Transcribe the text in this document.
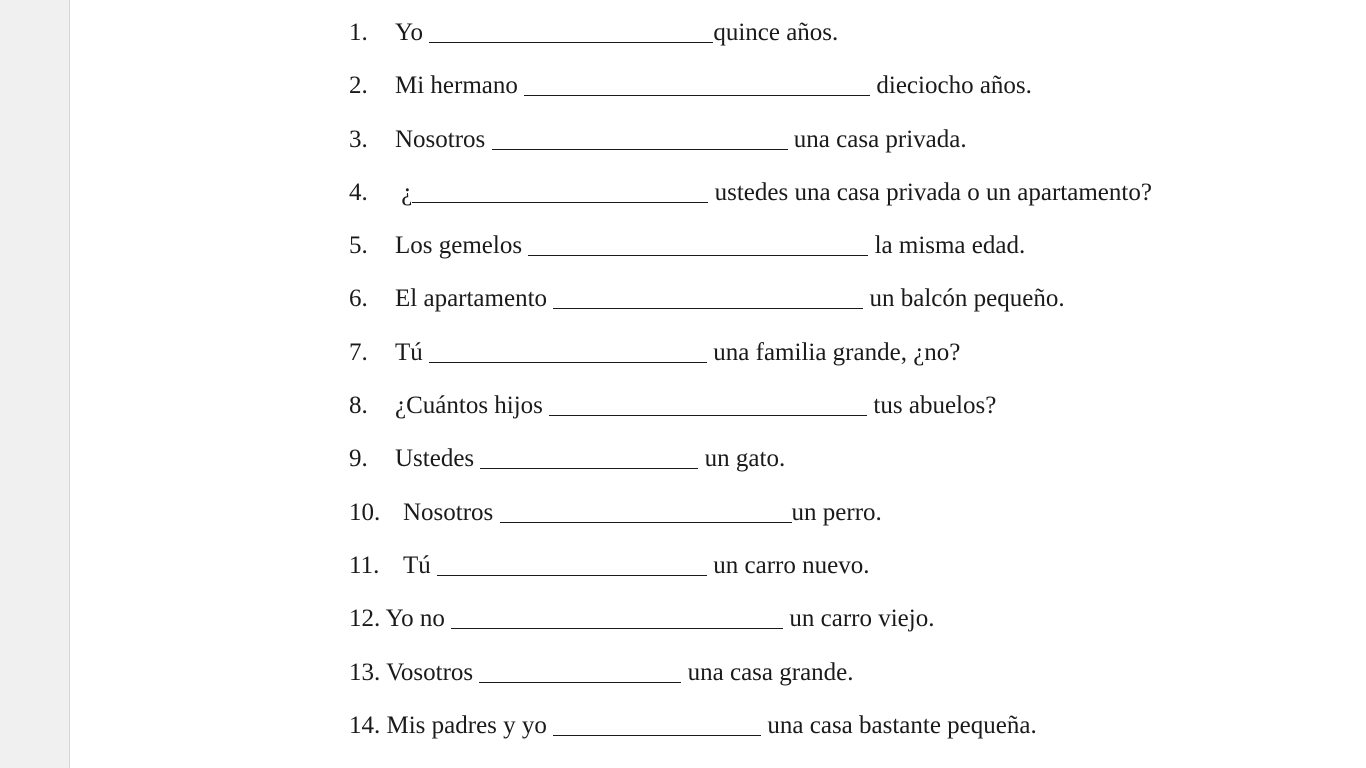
1. Yo	quince años.
2. Mi hermano	dieciocho años.
3. Nosotros	una casa privada.
4. ¿	ustedes una casa privada o un apartamento?
5. Los gemelos	la misma edad.
6. El apartamento	un balcón pequeño.
7. Tú	una familia grande, ¿no?
8. ¿Cuántos hijos	tus abuelos?
9. Ustedes	un gato.
10. Nosotros	un perro.
11. Tú	un carro nuevo.
12. Yo no	un carro viejo.
13. Vosotros	una casa grande.
14. Mis padres y yo	una casa bastante pequeña.
